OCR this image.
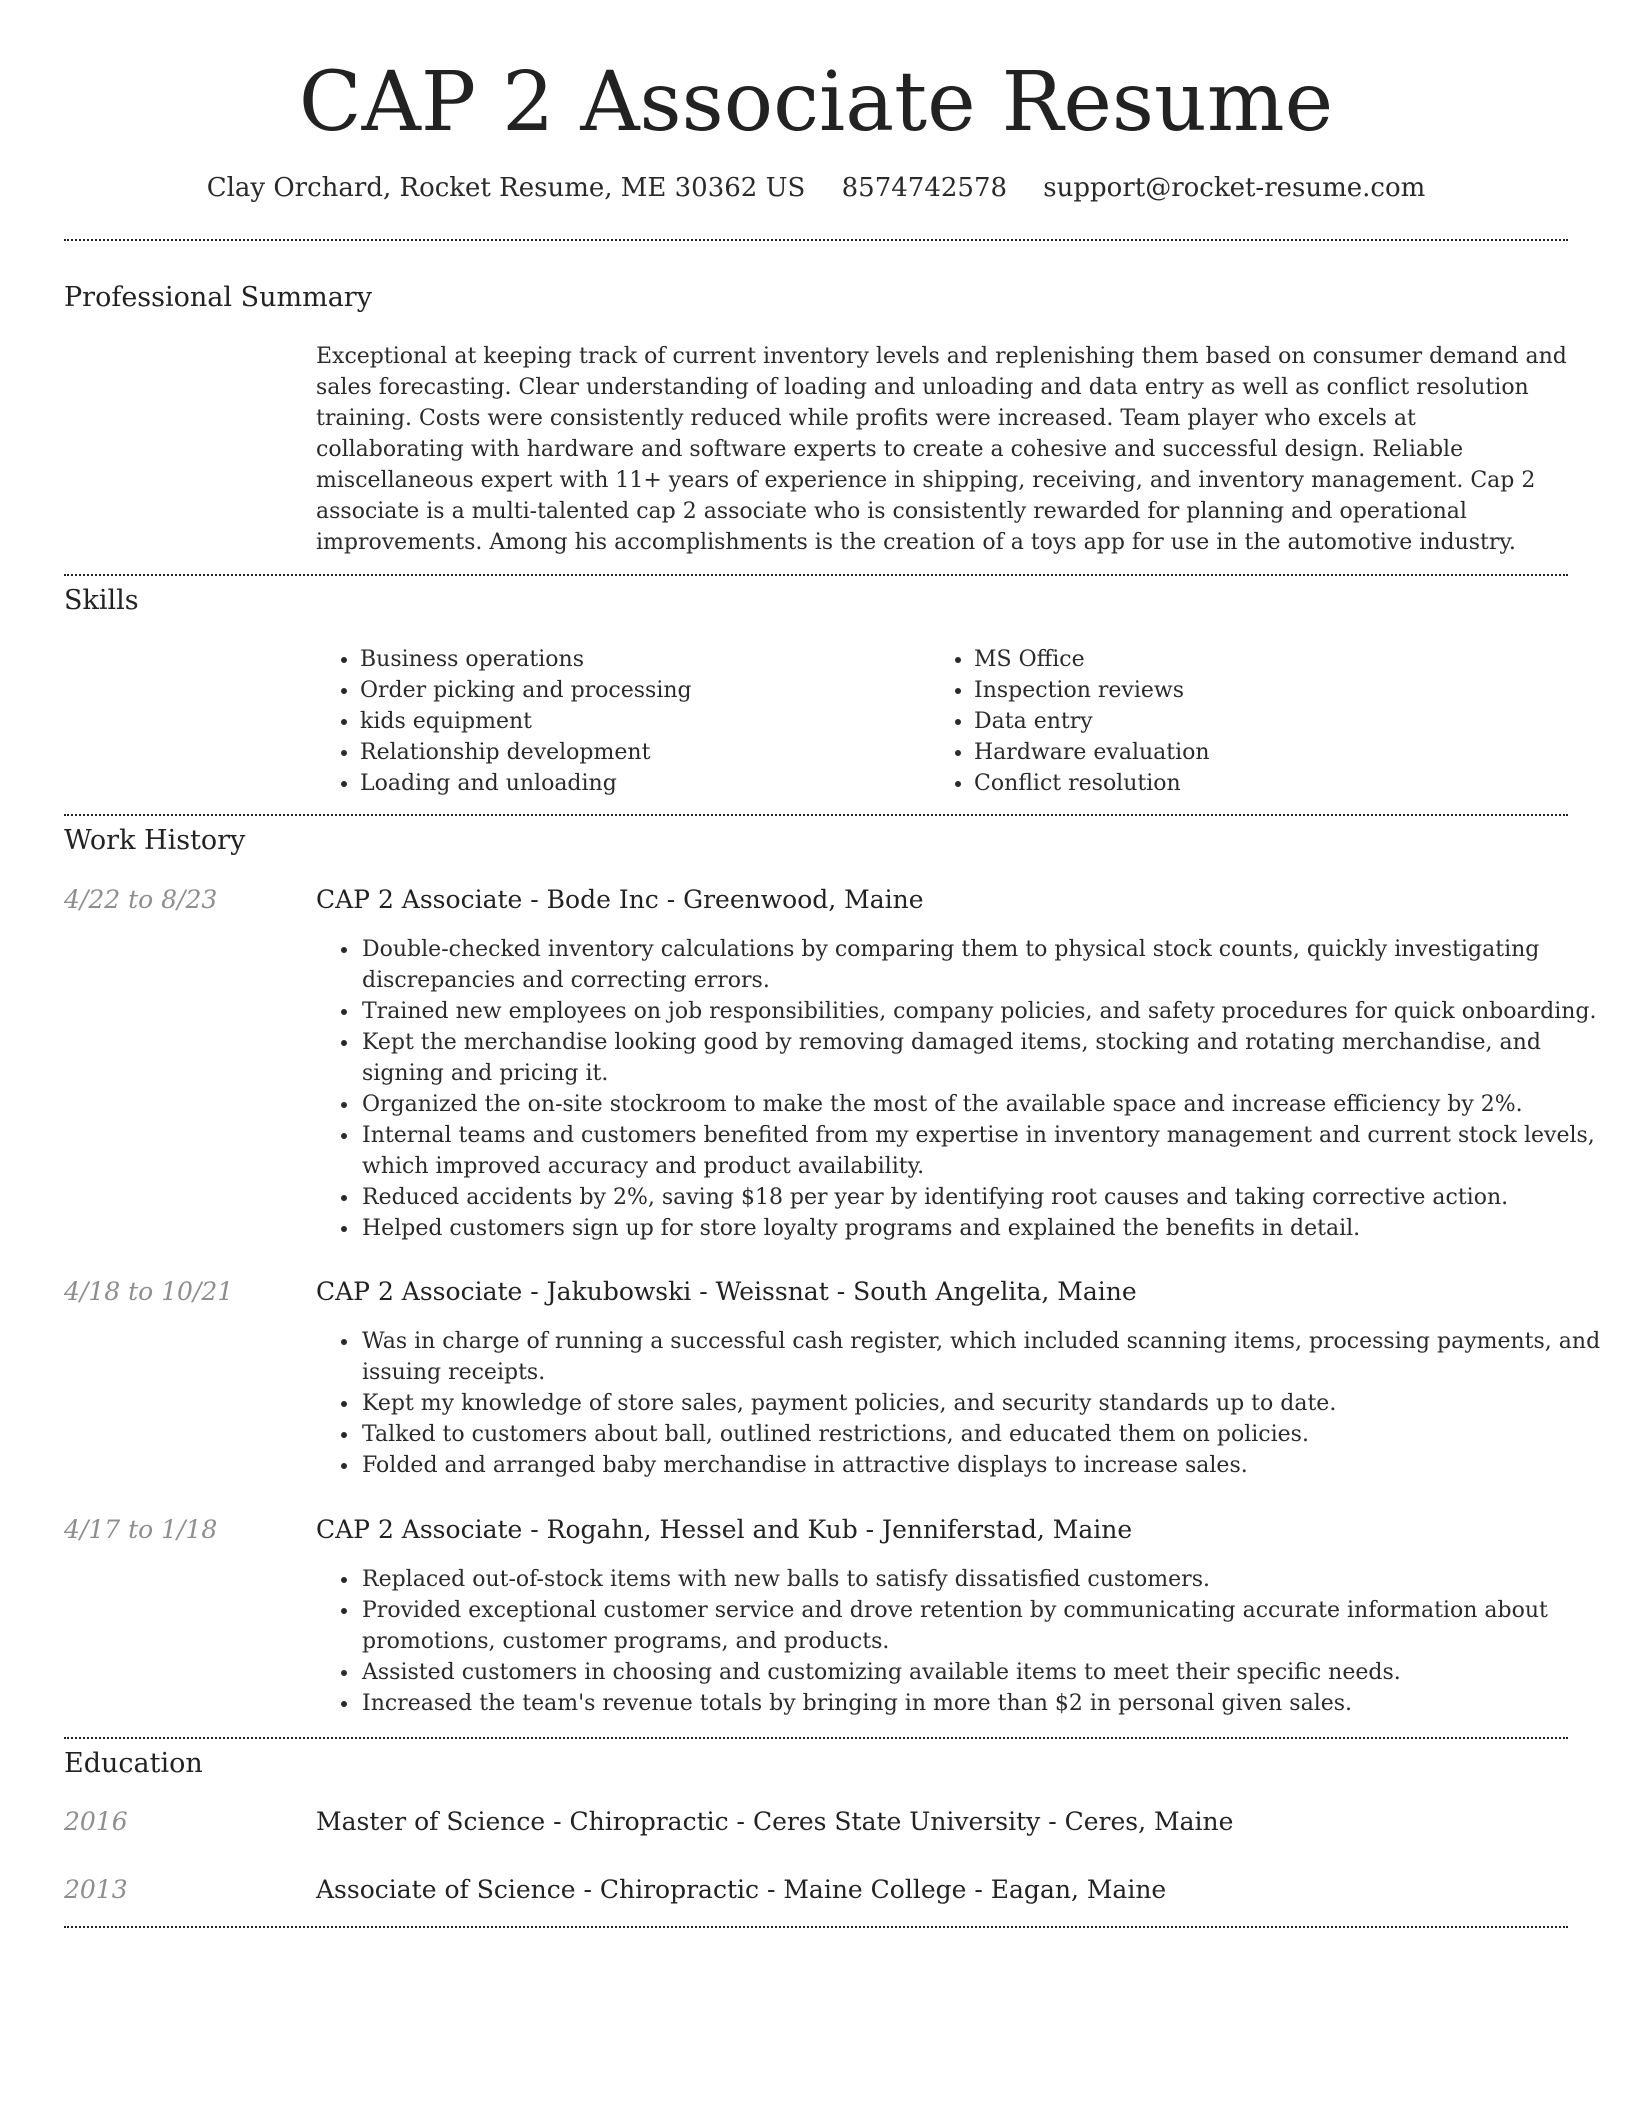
CAP 2 Associate Resume
Clay Orchard, Rocket Resume, ME 30362 US 8574742578 support@rocket-resume.com
Professional Summary

Exceptional at keeping track of current inventory levels and replenishing them based on consumer demand and sales forecasting. Clear understanding of loading and unloading and data entry as well as conflict resolution training. Costs were consistently reduced while profits were increased. Team player who excels at collaborating with hardware and software experts to create a cohesive and successful design. Reliable miscellaneous expert with 11+ years of experience in shipping, receiving, and inventory management. Cap 2 associate is a multi-talented cap 2 associate who is consistently rewarded for planning and operational improvements. Among his accomplishments is the creation of a toys app for use in the automotive industry.

Skills
• Business operations
• Order picking and processing
• kids equipment
• Relationship development
• Loading and unloading
• MS Office
• Inspection reviews
• Data entry
• Hardware evaluation
• Conflict resolution
Work History
4/22 to 8/23	CAP 2 Associate - Bode Inc - Greenwood, Maine
• Double-checked inventory calculations by comparing them to physical stock counts, quickly investigating discrepancies and correcting errors.
• Trained new employees on job responsibilities, company policies, and safety procedures for quick onboarding.
• Kept the merchandise looking good by removing damaged items, stocking and rotating merchandise, and signing and pricing it.
• Organized the on-site stockroom to make the most of the available space and increase efficiency by 2%.
• Internal teams and customers benefited from my expertise in inventory management and current stock levels, which improved accuracy and product availability.
• Reduced accidents by 2%, saving $18 per year by identifying root causes and taking corrective action.
• Helped customers sign up for store loyalty programs and explained the benefits in detail.
4/18 to 10/21	CAP 2 Associate - Jakubowski - Weissnat - South Angelita, Maine
• Was in charge of running a successful cash register, which included scanning items, processing payments, and issuing receipts.
• Kept my knowledge of store sales, payment policies, and security standards up to date.
• Talked to customers about ball, outlined restrictions, and educated them on policies.
• Folded and arranged baby merchandise in attractive displays to increase sales.
4/17 to 1/18	CAP 2 Associate - Rogahn, Hessel and Kub - Jenniferstad, Maine
• Replaced out-of-stock items with new balls to satisfy dissatisfied customers.
• Provided exceptional customer service and drove retention by communicating accurate information about promotions, customer programs, and products.
• Assisted customers in choosing and customizing available items to meet their specific needs.
• Increased the team's revenue totals by bringing in more than $2 in personal given sales.
Education
2016	Master of Science - Chiropractic - Ceres State University - Ceres, Maine
2013	Associate of Science - Chiropractic - Maine College - Eagan, Maine
